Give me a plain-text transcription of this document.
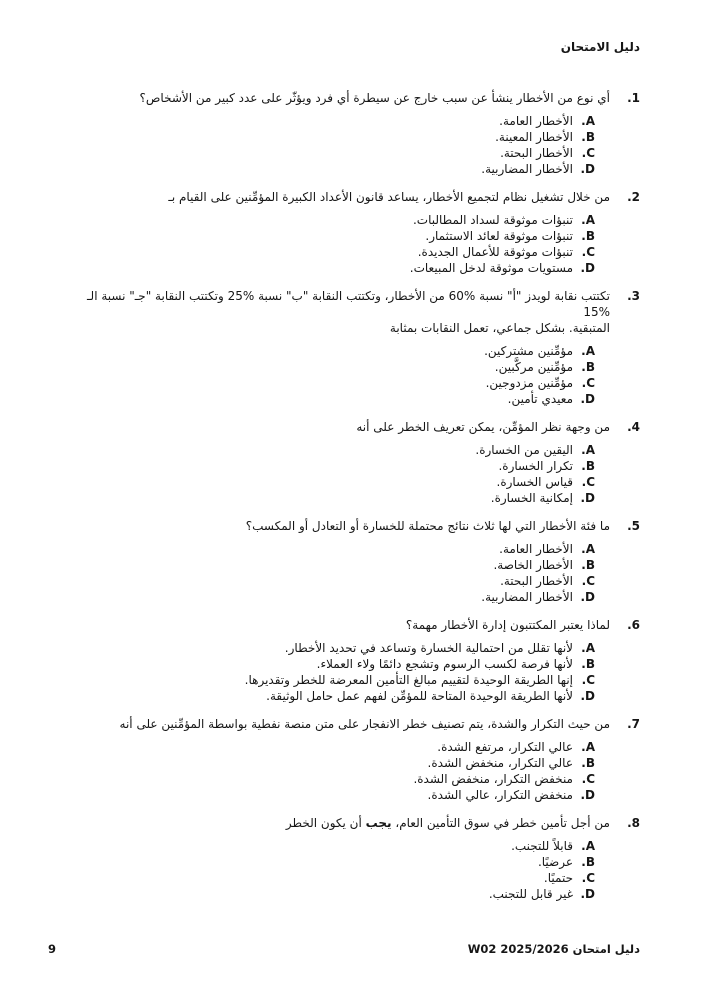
دليل الامتحان
1.
أي نوع من الأخطار ينشأ عن سبب خارج عن سيطرة أي فرد ويؤثّر على عدد كبير من الأشخاص؟
A.
الأخطار العامة.
B.
الأخطار المعينة.
C.
الأخطار البحتة.
D.
الأخطار المضاربية.
2.
من خلال تشغيل نظام لتجميع الأخطار، يساعد قانون الأعداد الكبيرة المؤمِّنين على القيام بـ
A.
تنبؤات موثوقة لسداد المطالبات.
B.
تنبؤات موثوقة لعائد الاستثمار.
C.
تنبؤات موثوقة للأعمال الجديدة.
D.
مستويات موثوقة لدخل المبيعات.
3.
تكتتب نقابة لويدز "أ" نسبة %60 من الأخطار، وتكتتب النقابة "ب" نسبة %25 وتكتتب النقابة "جـ" نسبة الـ %15
المتبقية. بشكل جماعي، تعمل النقابات بمثابة
A.
مؤمِّنين مشتركين.
B.
مؤمِّنين مركَّبين.
C.
مؤمِّنين مزدوجين.
D.
معيدي تأمين.
4.
من وجهة نظر المؤمِّن، يمكن تعريف الخطر على أنه
A.
اليقين من الخسارة.
B.
تكرار الخسارة.
C.
قياس الخسارة.
D.
إمكانية الخسارة.
5.
ما فئة الأخطار التي لها ثلاث نتائج محتملة للخسارة أو التعادل أو المكسب؟
A.
الأخطار العامة.
B.
الأخطار الخاصة.
C.
الأخطار البحتة.
D.
الأخطار المضاربية.
6.
لماذا يعتبر المكتتبون إدارة الأخطار مهمة؟
A.
لأنها تقلل من احتمالية الخسارة وتساعد في تحديد الأخطار.
B.
لأنها فرصة لكسب الرسوم وتشجع دائمًا ولاء العملاء.
C.
إنها الطريقة الوحيدة لتقييم مبالغ التأمين المعرضة للخطر وتقديرها.
D.
لأنها الطريقة الوحيدة المتاحة للمؤمِّن لفهم عمل حامل الوثيقة.
7.
من حيث التكرار والشدة، يتم تصنيف خطر الانفجار على متن منصة نفطية بواسطة المؤمِّنين على أنه
A.
عالي التكرار، مرتفع الشدة.
B.
عالي التكرار، منخفض الشدة.
C.
منخفض التكرار، منخفض الشدة.
D.
منخفض التكرار، عالي الشدة.
8.
من أجل تأمين خطر في سوق التأمين العام، يجب أن يكون الخطر
A.
قابلاً للتجنب.
B.
عرضيًا.
C.
حتميًا.
D.
غير قابل للتجنب.
دليل امتحان W02 2025/2026
9
